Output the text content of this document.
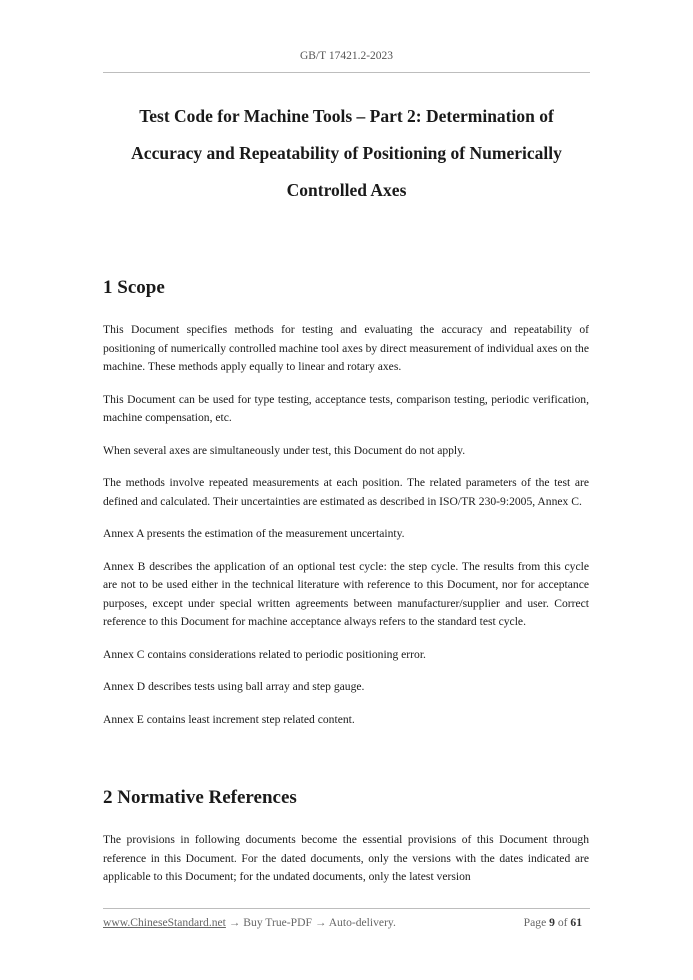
GB/T 17421.2-2023
Test Code for Machine Tools – Part 2: Determination of
Accuracy and Repeatability of Positioning of Numerically
Controlled Axes
1 Scope

This Document specifies methods for testing and evaluating the accuracy and repeatability of positioning of numerically controlled machine tool axes by direct measurement of individual axes on the machine. These methods apply equally to linear and rotary axes.

This Document can be used for type testing, acceptance tests, comparison testing, periodic verification, machine compensation, etc.

When several axes are simultaneously under test, this Document do not apply.

The methods involve repeated measurements at each position. The related parameters of the test are defined and calculated. Their uncertainties are estimated as described in ISO/TR 230-9:2005, Annex C.

Annex A presents the estimation of the measurement uncertainty.

Annex B describes the application of an optional test cycle: the step cycle. The results from this cycle are not to be used either in the technical literature with reference to this Document, nor for acceptance purposes, except under special written agreements between manufacturer/supplier and user. Correct reference to this Document for machine acceptance always refers to the standard test cycle.

Annex C contains considerations related to periodic positioning error.

Annex D describes tests using ball array and step gauge.

Annex E contains least increment step related content.

2 Normative References

The provisions in following documents become the essential provisions of this Document through reference in this Document. For the dated documents, only the versions with the dates indicated are applicable to this Document; for the undated documents, only the latest version

www.ChineseStandard.net → Buy True-PDF → Auto-delivery.	Page 9 of 61
